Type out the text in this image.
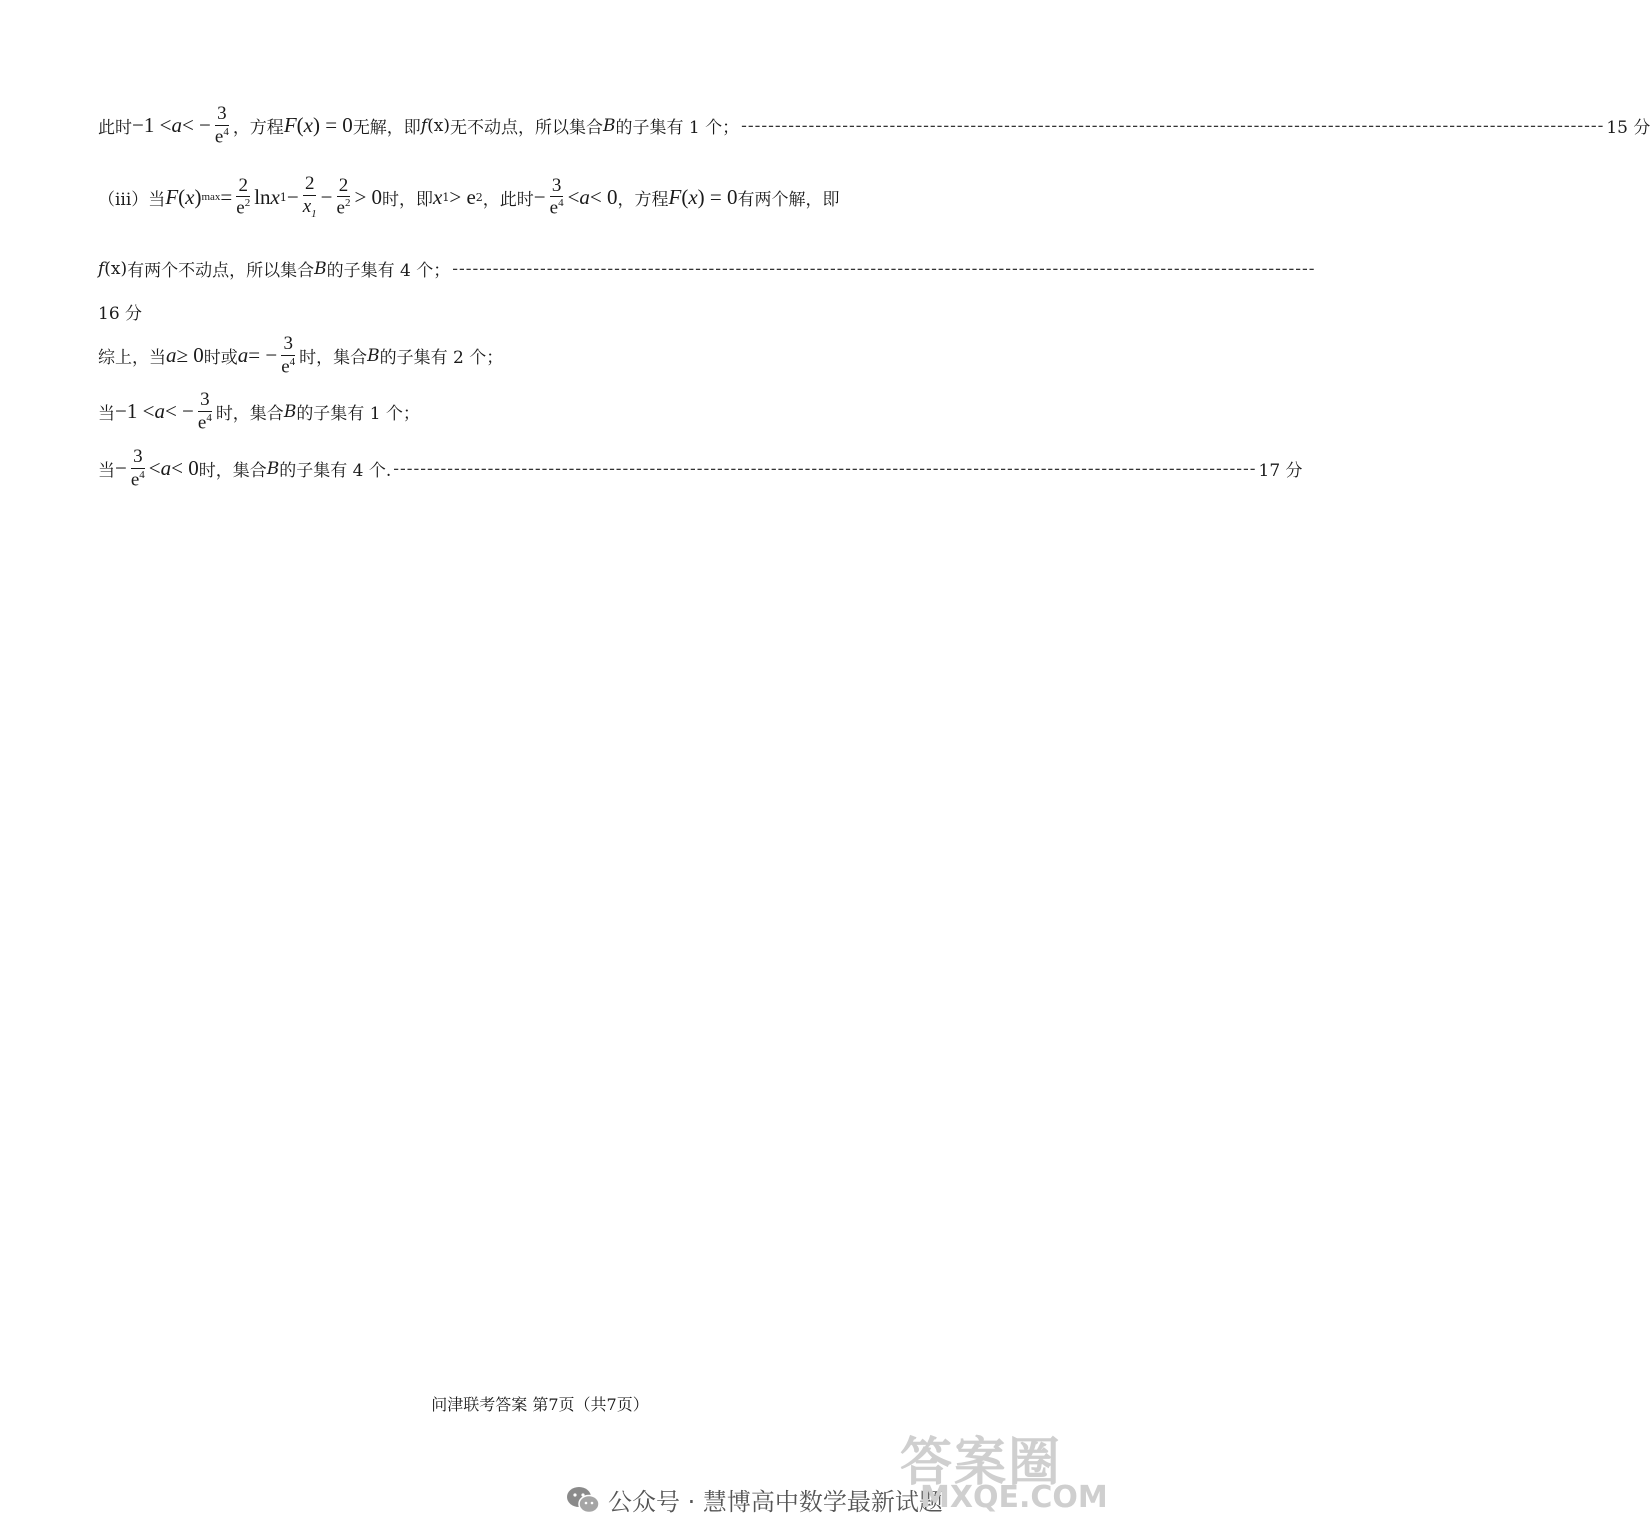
此时 −1 < a < − $\frac{3}{e^4}$ ，方程 F ( x ) = 0 无解，即 f (x) 无不动点，所以集合 B 的子集有 1 个； -----	15 分
（iii）当 F ( x ) $\max = \frac{2}{e^2}$ ln x $1 - \frac{2}{x_1} - \frac{2}{e^2} > 0$ 时，即 x 1 > e 2 ，此时 − $\frac{3}{e^4} < a < 0$ ，方程 F ( x ) = 0 有两个解，即
f (x) 有两个不动点，所以集合 B 的子集有 4 个；
-----
16 分
综上，当 a ≥ 0 时或 a = − $\frac{3}{e^4}$ 时，集合 B 的子集有 2 个；
当 −1 < a < − $\frac{3}{e^4}$ 时，集合 B 的子集有 1 个；
当 − $\frac{3}{e^4} < a < 0$ 时，集合 B 的子集有 4 个. -----	17 分
问津联考答案 第7页（共7页）
公众号 · 慧博高中数学最新试题
答案圈
MXQE.COM
